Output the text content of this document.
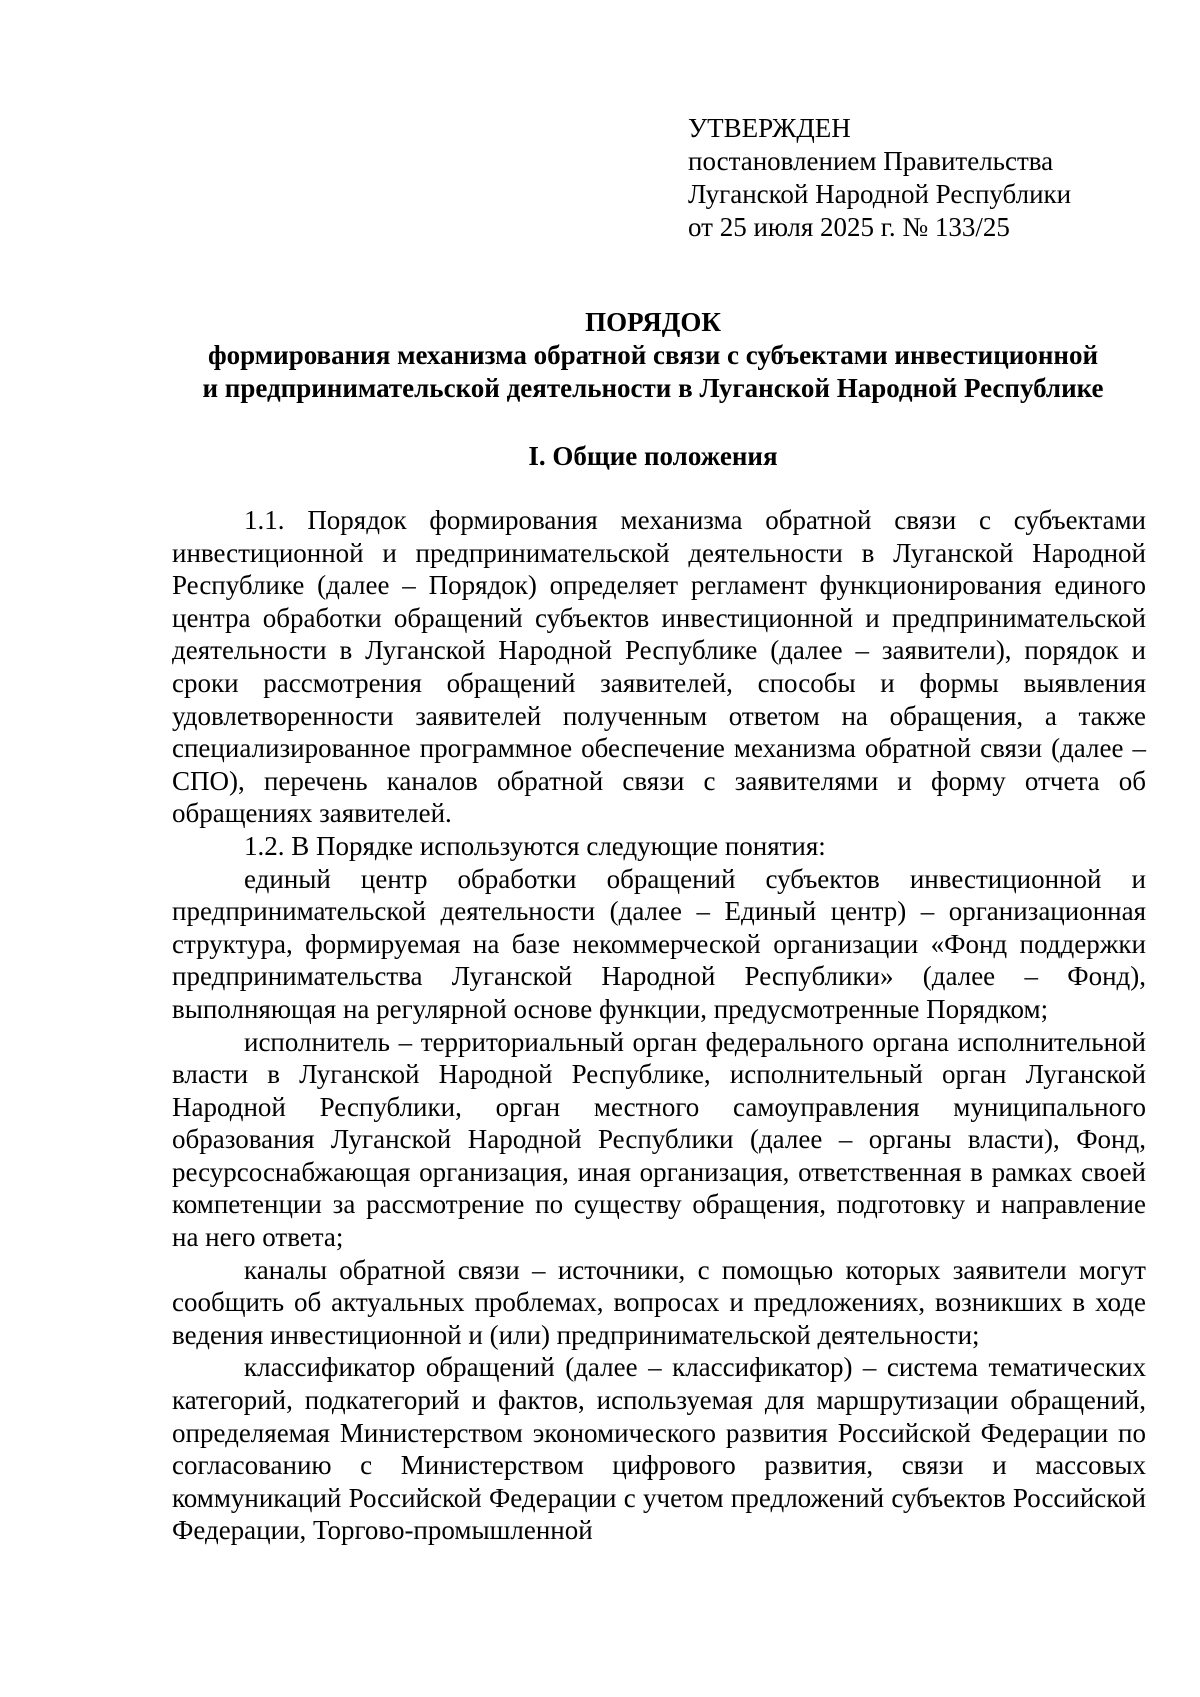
УТВЕРЖДЕН
постановлением Правительства
Луганской Народной Республики
от 25 июля 2025 г. № 133/25
ПОРЯДОК
формирования механизма обратной связи с субъектами инвестиционной
и предпринимательской деятельности в Луганской Народной Республике
I. Общие положения

1.1. Порядок формирования механизма обратной связи с субъектами инвестиционной и предпринимательской деятельности в Луганской Народной Республике (далее – Порядок) определяет регламент функционирования единого центра обработки обращений субъектов инвестиционной и предпринимательской деятельности в Луганской Народной Республике (далее – заявители), порядок и сроки рассмотрения обращений заявителей, способы и формы выявления удовлетворенности заявителей полученным ответом на обращения, а также специализированное программное обеспечение механизма обратной связи (далее – СПО), перечень каналов обратной связи с заявителями и форму отчета об обращениях заявителей.

1.2. В Порядке используются следующие понятия:

единый центр обработки обращений субъектов инвестиционной и предпринимательской деятельности (далее – Единый центр) – организационная структура, формируемая на базе некоммерческой организации «Фонд поддержки предпринимательства Луганской Народной Республики» (далее – Фонд), выполняющая на регулярной основе функции, предусмотренные Порядком;

исполнитель – территориальный орган федерального органа исполнительной власти в Луганской Народной Республике, исполнительный орган Луганской Народной Республики, орган местного самоуправления муниципального образования Луганской Народной Республики (далее – органы власти), Фонд, ресурсоснабжающая организация, иная организация, ответственная в рамках своей компетенции за рассмотрение по существу обращения, подготовку и направление на него ответа;

каналы обратной связи – источники, с помощью которых заявители могут сообщить об актуальных проблемах, вопросах и предложениях, возникших в ходе ведения инвестиционной и (или) предпринимательской деятельности;

классификатор обращений (далее – классификатор) – система тематических категорий, подкатегорий и фактов, используемая для маршрутизации обращений, определяемая Министерством экономического развития Российской Федерации по согласованию с Министерством цифрового развития, связи и массовых коммуникаций Российской Федерации с учетом предложений субъектов Российской Федерации, Торгово-промышленной
